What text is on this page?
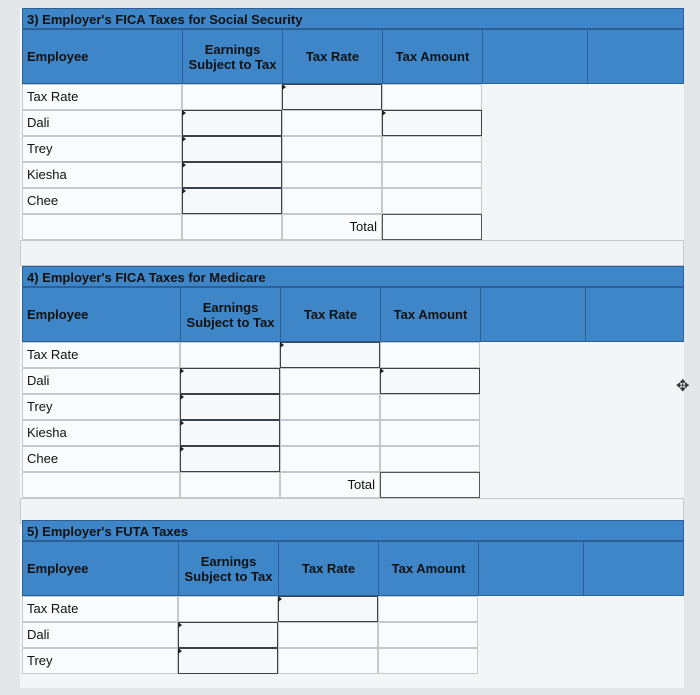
3) Employer's FICA Taxes for Social Security
Employee	Earnings Subject to Tax	Tax Rate	Tax Amount
Tax Rate
Dali
Trey
Kiesha
Chee
Total
4) Employer's FICA Taxes for Medicare
Employee	Earnings Subject to Tax	Tax Rate	Tax Amount
Tax Rate
Dali
Trey
Kiesha
Chee
Total
5) Employer's FUTA Taxes
Employee	Earnings Subject to Tax	Tax Rate	Tax Amount
Tax Rate
Dali
Trey
✥
